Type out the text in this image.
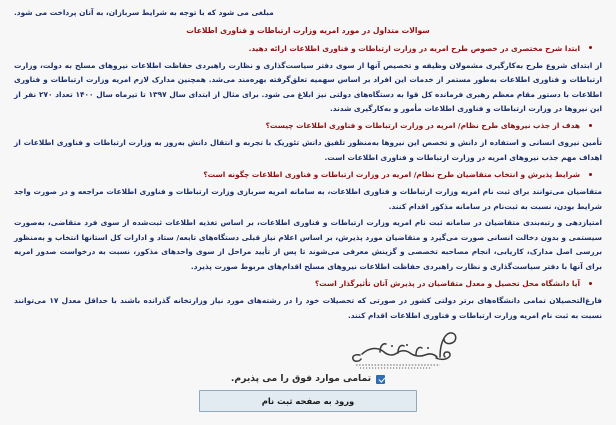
مبلغی می شود که با توجه به شرایط سربازان، به آنان پرداخت می شود.

سوالات متداول در مورد امریه وزارت ارتباطات و فناوری اطلاعات
ابتدا شرح مختصری در خصوص طرح امریه در وزارت ارتباطات و فناوری اطلاعات ارائه دهید.

از ابتدای شروع طرح به‌کارگیری مشمولان وظیفه و تخصیص آنها از سوی دفتر سیاست‌گذاری و نظارت راهبردی حفاظت اطلاعات نیروهای مسلح به دولت، وزارت ارتباطات و فناوری اطلاعات به‌طور مستمر از خدمات این افراد بر اساس سهمیه تعلق‌گرفته بهره‌مند می‌شد. همچنین مدارک لازم امریه وزارت ارتباطات و فناوری اطلاعات با دستور مقام معظم رهبری فرمانده کل قوا به دستگاه‌های دولتی نیز ابلاغ می شود. برای مثال از ابتدای سال ۱۳۹۷ تا تیرماه سال ۱۴۰۰ تعداد ۲۷۰ نفر از این نیروها در وزارت ارتباطات و فناوری اطلاعات مأمور و به‌کارگیری شدند.

هدف از جذب نیروهای طرح نظام/ امریه در وزارت ارتباطات و فناوری اطلاعات چیست؟

تأمین نیروی انسانی و استفاده از دانش و تخصص این نیروها به‌منظور تلفیق دانش تئوریک با تجربه و انتقال دانش به‌روز به وزارت ارتباطات و فناوری اطلاعات از اهداف مهم جذب نیروهای امریه در وزارت ارتباطات و فناوری اطلاعات است.

شرایط پذیرش و انتخاب متقاضیان طرح نظام/ امریه در وزارت ارتباطات و فناوری اطلاعات چگونه است؟

متقاضیان می‌توانند برای ثبت نام امریه وزارت ارتباطات و فناوری اطلاعات، به سامانه امریه سربازی وزارت ارتباطات و فناوری اطلاعات مراجعه و در صورت واجد شرایط بودن، نسبت به ثبت‌نام در سامانه مذکور اقدام کنند.

امتیازدهی و رتبه‌بندی متقاضیان در سامانه ثبت نام امریه وزارت ارتباطات و فناوری اطلاعات، بر اساس تغذیه اطلاعات ثبت‌شده از سوی فرد متقاضی، به‌صورت سیستمی و بدون دخالت انسانی صورت می‌گیرد و متقاضیان مورد پذیرش، بر اساس اعلام نیاز قبلی دستگاه‌های تابعه/ ستاد و ادارات کل استانها انتخاب و به‌منظور بررسی اصل مدارک، کاریابی، انجام مصاحبه تخصصی و گزینش معرفی می‌شوند تا پس از تأیید مراحل از سوی واحدهای مذکور، نسبت به درخواست صدور امریه برای آنها با دفتر سیاست‌گذاری و نظارت راهبردی حفاظت اطلاعات نیروهای مسلح اقدام‌های مربوط صورت پذیرد.

آیا دانشگاه محل تحصیل و معدل متقاضیان در پذیرش آنان تأثیرگذار است؟

فارغ‌التحصیلان تمامی دانشگاه‌های برتر دولتی کشور در صورتی که تحصیلات خود را در رشته‌های مورد نیاز وزارتخانه گذرانده باشند با حداقل معدل ۱۷ می‌توانند نسبت به ثبت نام امریه وزارت ارتباطات و فناوری اطلاعات اقدام کنند.

تمامی موارد فوق را می پذیرم.
ورود به صفحه ثبت نام
